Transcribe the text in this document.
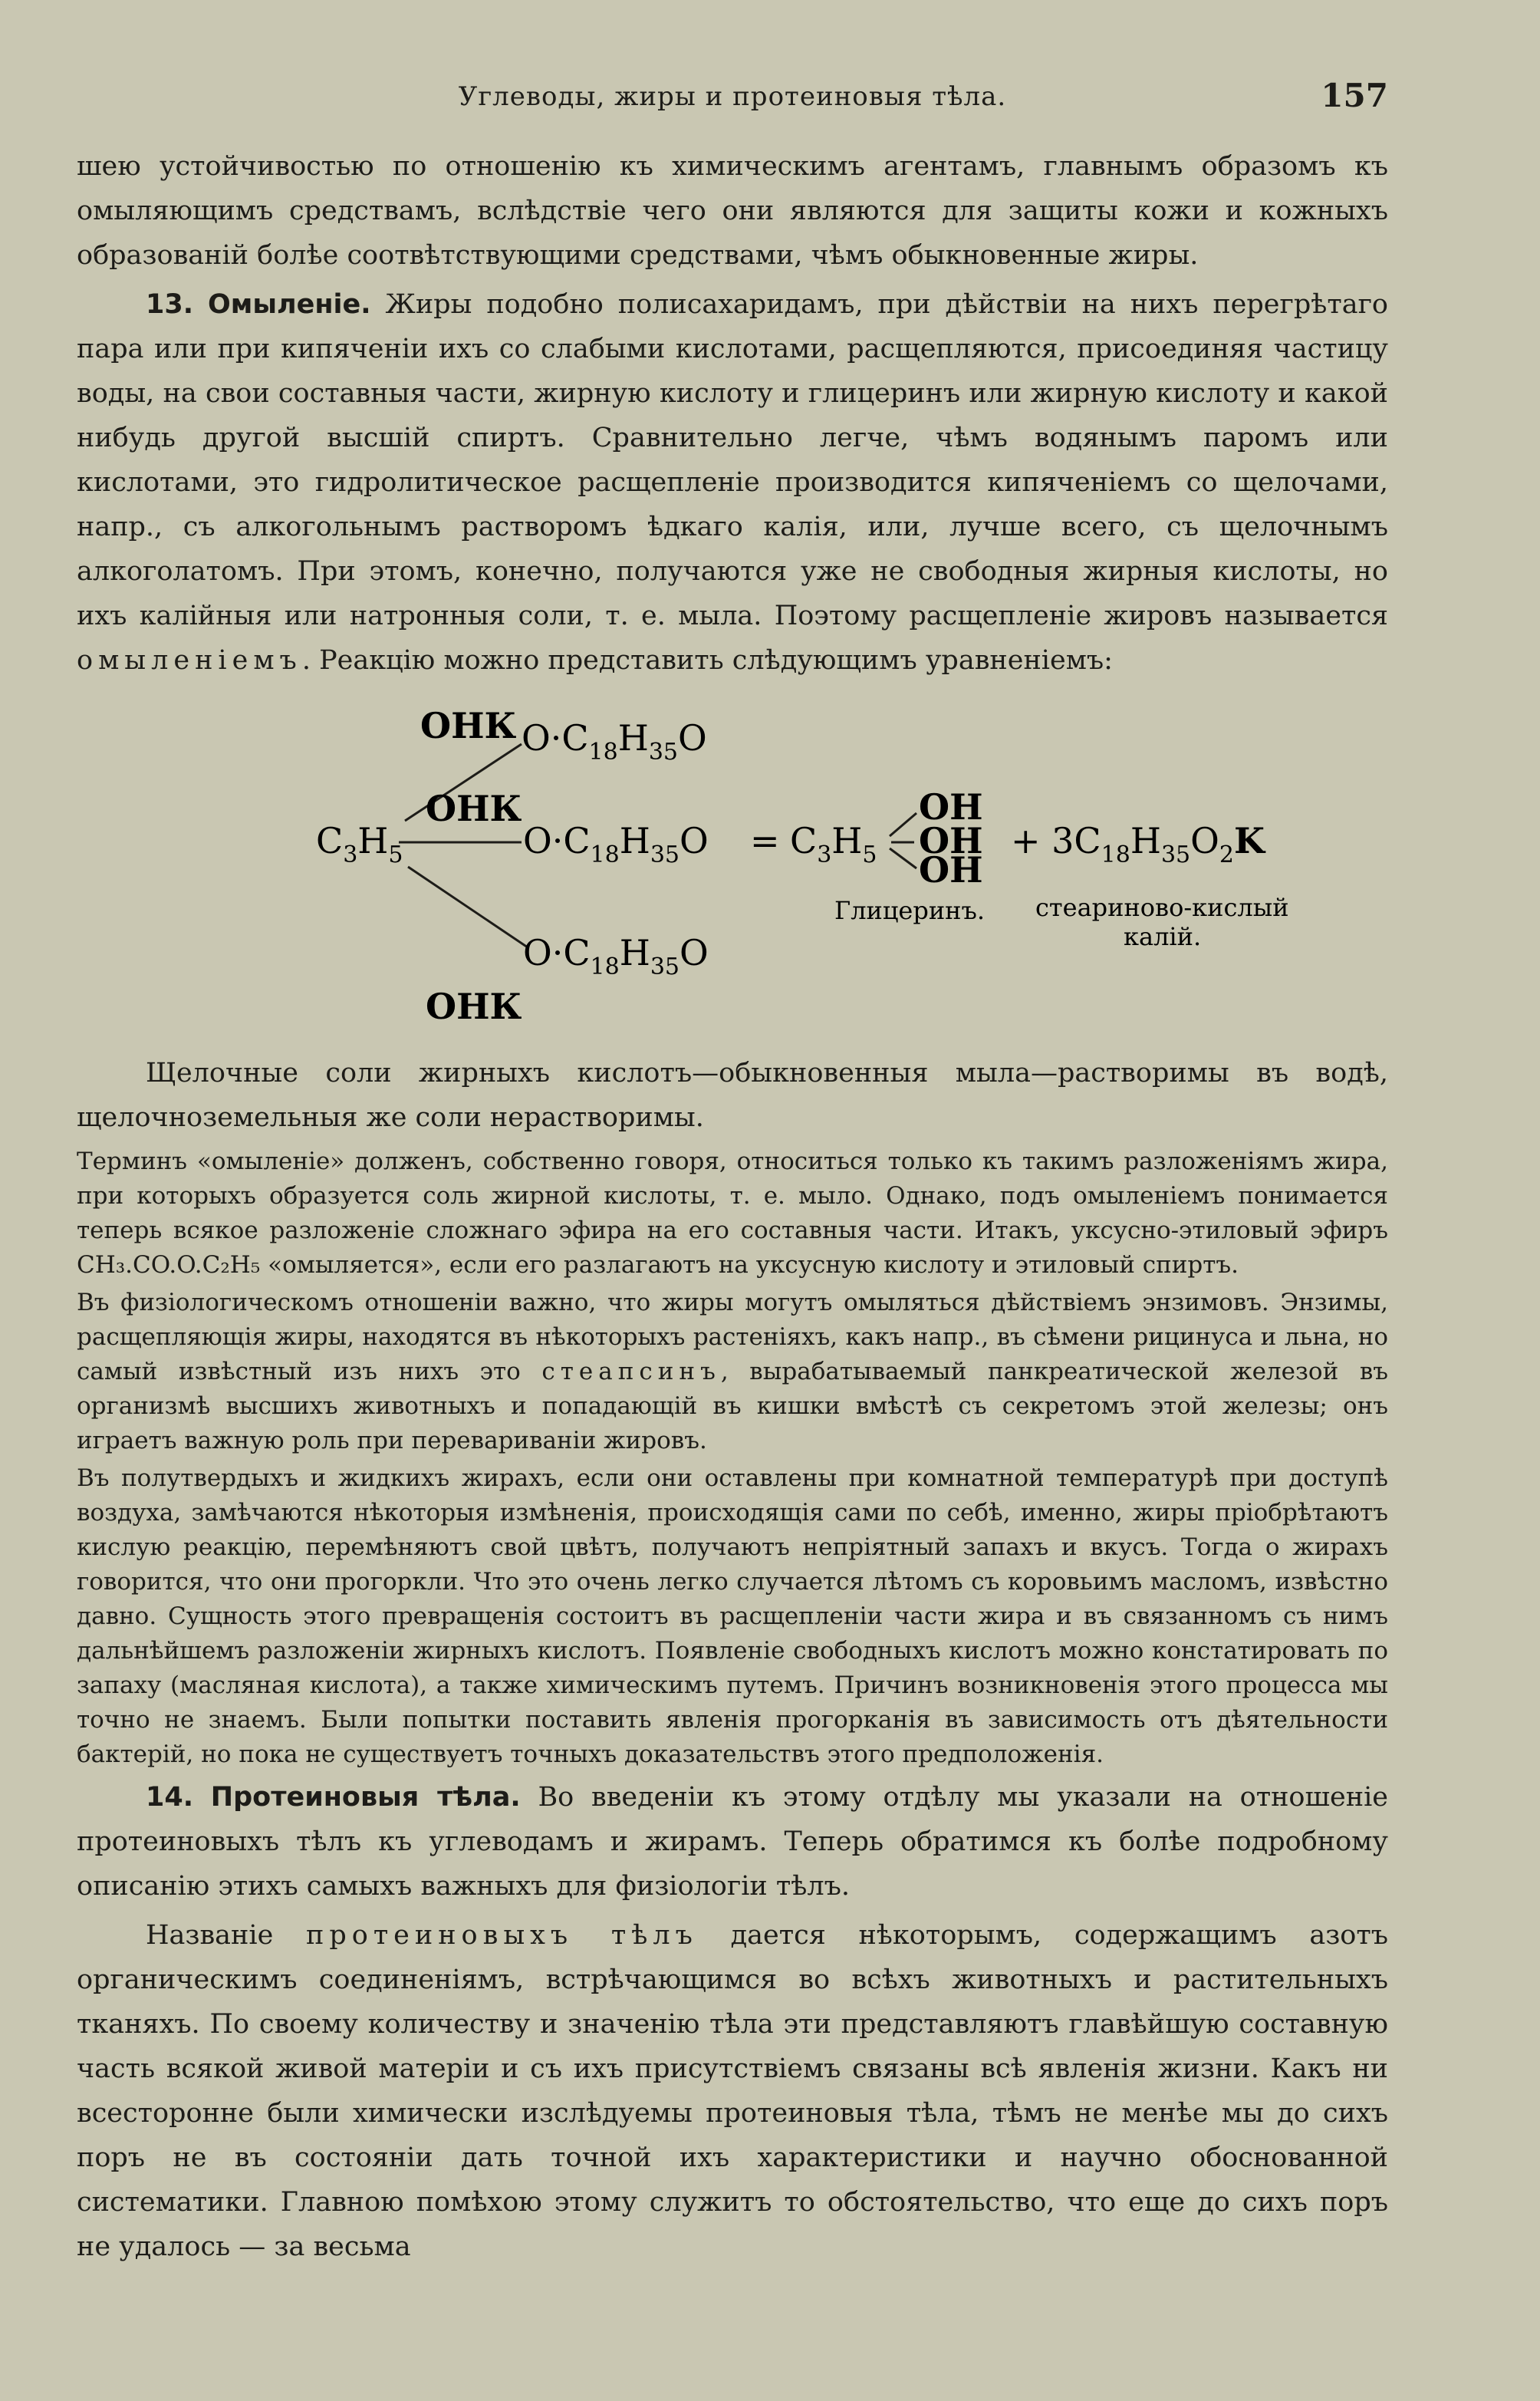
Углеводы, жиры и протеиновыя тѣла.	157

шею устойчивостью по отношенію къ химическимъ агентамъ, главнымъ образомъ къ омыляющимъ средствамъ, вслѣдствіе чего они являются для защиты кожи и кожныхъ образованій болѣе соотвѣтствующими средствами, чѣмъ обыкновенные жиры.

13. Омыленіе. Жиры подобно полисахаридамъ, при дѣйствіи на нихъ перегрѣтаго пара или при кипяченіи ихъ со слабыми кислотами, расщепляются, присоединяя частицу воды, на свои составныя части, жирную кислоту и глицеринъ или жирную кислоту и какой нибудь другой высшій спиртъ. Сравнительно легче, чѣмъ водянымъ паромъ или кислотами, это гидролитическое расщепленіе производится кипяченіемъ со щелочами, напр., съ алкогольнымъ растворомъ ѣдкаго калія, или, лучше всего, съ щелочнымъ алкоголатомъ. При этомъ, конечно, получаются уже не свободныя жирныя кислоты, но ихъ калійныя или натронныя соли, т. е. мыла. Поэтому расщепленіе жировъ называется омыленіемъ. Реакцію можно представить слѣдующимъ уравненіемъ:

ОНК $O\cdot C_{18}H_{35}O$
ОНК
$C_3H_5$	$O\cdot C_{18}H_{35}O = C_3H_5$
OH
OH
OH
+ $3C_{18}H_{35}O_2K$
Глицеринъ. стеариново-кислый
калій.
$O\cdot C_{18}H_{35}O$
ОНК

Щелочные соли жирныхъ кислотъ—обыкновенныя мыла—растворимы въ водѣ, щелочноземельныя же соли нерастворимы.

Терминъ «омыленіе» долженъ, собственно говоря, относиться только къ такимъ разложеніямъ жира, при которыхъ образуется соль жирной кислоты, т. е. мыло. Однако, подъ омыленіемъ понимается теперь всякое разложеніе сложнаго эфира на его составныя части. Итакъ, уксусно-этиловый эфиръ CH₃.CO.O.C₂H₅ «омыляется», если его разлагаютъ на уксусную кислоту и этиловый спиртъ.

Въ физіологическомъ отношеніи важно, что жиры могутъ омыляться дѣйствіемъ энзимовъ. Энзимы, расщепляющія жиры, находятся въ нѣкоторыхъ растеніяхъ, какъ напр., въ сѣмени рицинуса и льна, но самый извѣстный изъ нихъ это стеапсинъ, вырабатываемый панкреатической железой въ организмѣ высшихъ животныхъ и попадающій въ кишки вмѣстѣ съ секретомъ этой железы; онъ играетъ важную роль при переваривaніи жировъ.

Въ полутвердыхъ и жидкихъ жирахъ, если они оставлены при комнатной температурѣ при доступѣ воздуха, замѣчаются нѣкоторыя измѣненія, происходящія сами по себѣ, именно, жиры пріобрѣтаютъ кислую реакцію, перемѣняютъ свой цвѣтъ, получаютъ непріятный запахъ и вкусъ. Тогда о жирахъ говорится, что они прогоркли. Что это очень легко случается лѣтомъ съ коровьимъ масломъ, извѣстно давно. Сущность этого превращенія состоитъ въ расщепленіи части жира и въ связанномъ съ нимъ дальнѣйшемъ разложеніи жирныхъ кислотъ. Появленіе свободныхъ кислотъ можно констатировать по запаху (масляная кислота), а также химическимъ путемъ. Причинъ возникновенія этого процесса мы точно не знаемъ. Были попытки поставить явленія прогорканія въ зависимость отъ дѣятельности бактерій, но пока не существуетъ точныхъ доказательствъ этого предположенія.

14. Протеиновыя тѣла. Во введеніи къ этому отдѣлу мы указали на отношеніе протеиновыхъ тѣлъ къ углеводамъ и жирамъ. Теперь обратимся къ болѣе подробному описанію этихъ самыхъ важныхъ для физіологіи тѣлъ.

Названіе протеиновыхъ тѣлъ дается нѣкоторымъ, содержащимъ азотъ органическимъ соединеніямъ, встрѣчающимся во всѣхъ животныхъ и растительныхъ тканяхъ. По своему количеству и значенію тѣла эти представляютъ главѣйшую составную часть всякой живой матеріи и съ ихъ присутствіемъ связаны всѣ явленія жизни. Какъ ни всесторонне были химически изслѣдуемы протеиновыя тѣла, тѣмъ не менѣе мы до сихъ поръ не въ состояніи дать точной ихъ характеристики и научно обоснованной систематики. Главною помѣхою этому служитъ то обстоятельство, что еще до сихъ поръ не удалось — за весьма
